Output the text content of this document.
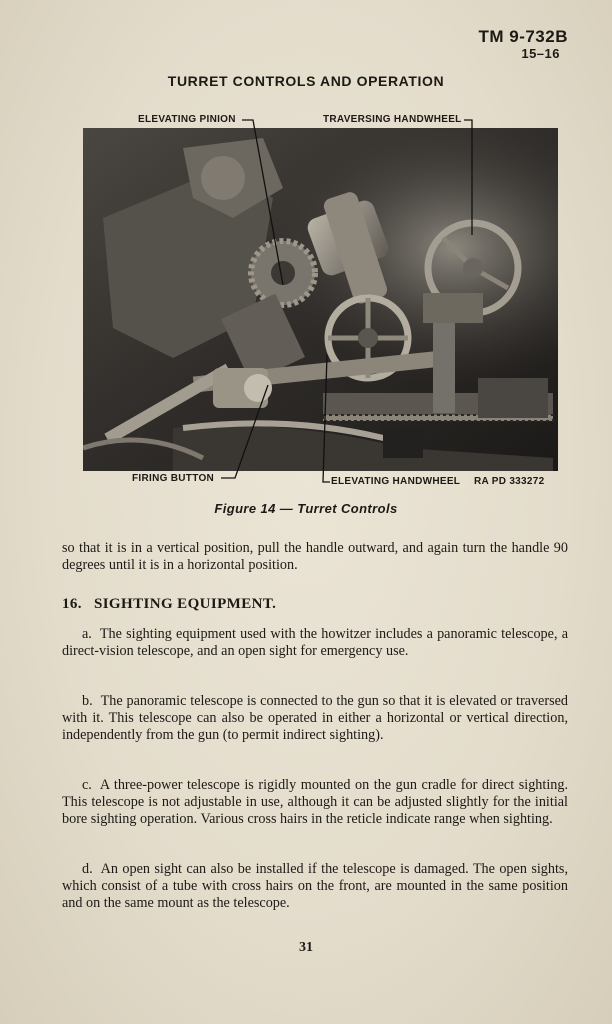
TM 9-732B
15–16
TURRET CONTROLS AND OPERATION
ELEVATING PINION	TRAVERSING HANDWHEEL
FIRING BUTTON	ELEVATING HANDWHEEL RA PD 333272
Figure 14 — Turret Controls
so that it is in a vertical position, pull the handle outward, and again turn the handle 90 degrees until it is in a horizontal position.
16. SIGHTING EQUIPMENT.
a. The sighting equipment used with the howitzer includes a panoramic telescope, a direct-vision telescope, and an open sight for emergency use.
b. The panoramic telescope is connected to the gun so that it is elevated or traversed with it. This telescope can also be operated in either a horizontal or vertical direction, independently from the gun (to permit indirect sighting).
c. A three-power telescope is rigidly mounted on the gun cradle for direct sighting. This telescope is not adjustable in use, although it can be adjusted slightly for the initial bore sighting operation. Various cross hairs in the reticle indicate range when sighting.
d. An open sight can also be installed if the telescope is damaged. The open sights, which consist of a tube with cross hairs on the front, are mounted in the same position and on the same mount as the telescope.
31
